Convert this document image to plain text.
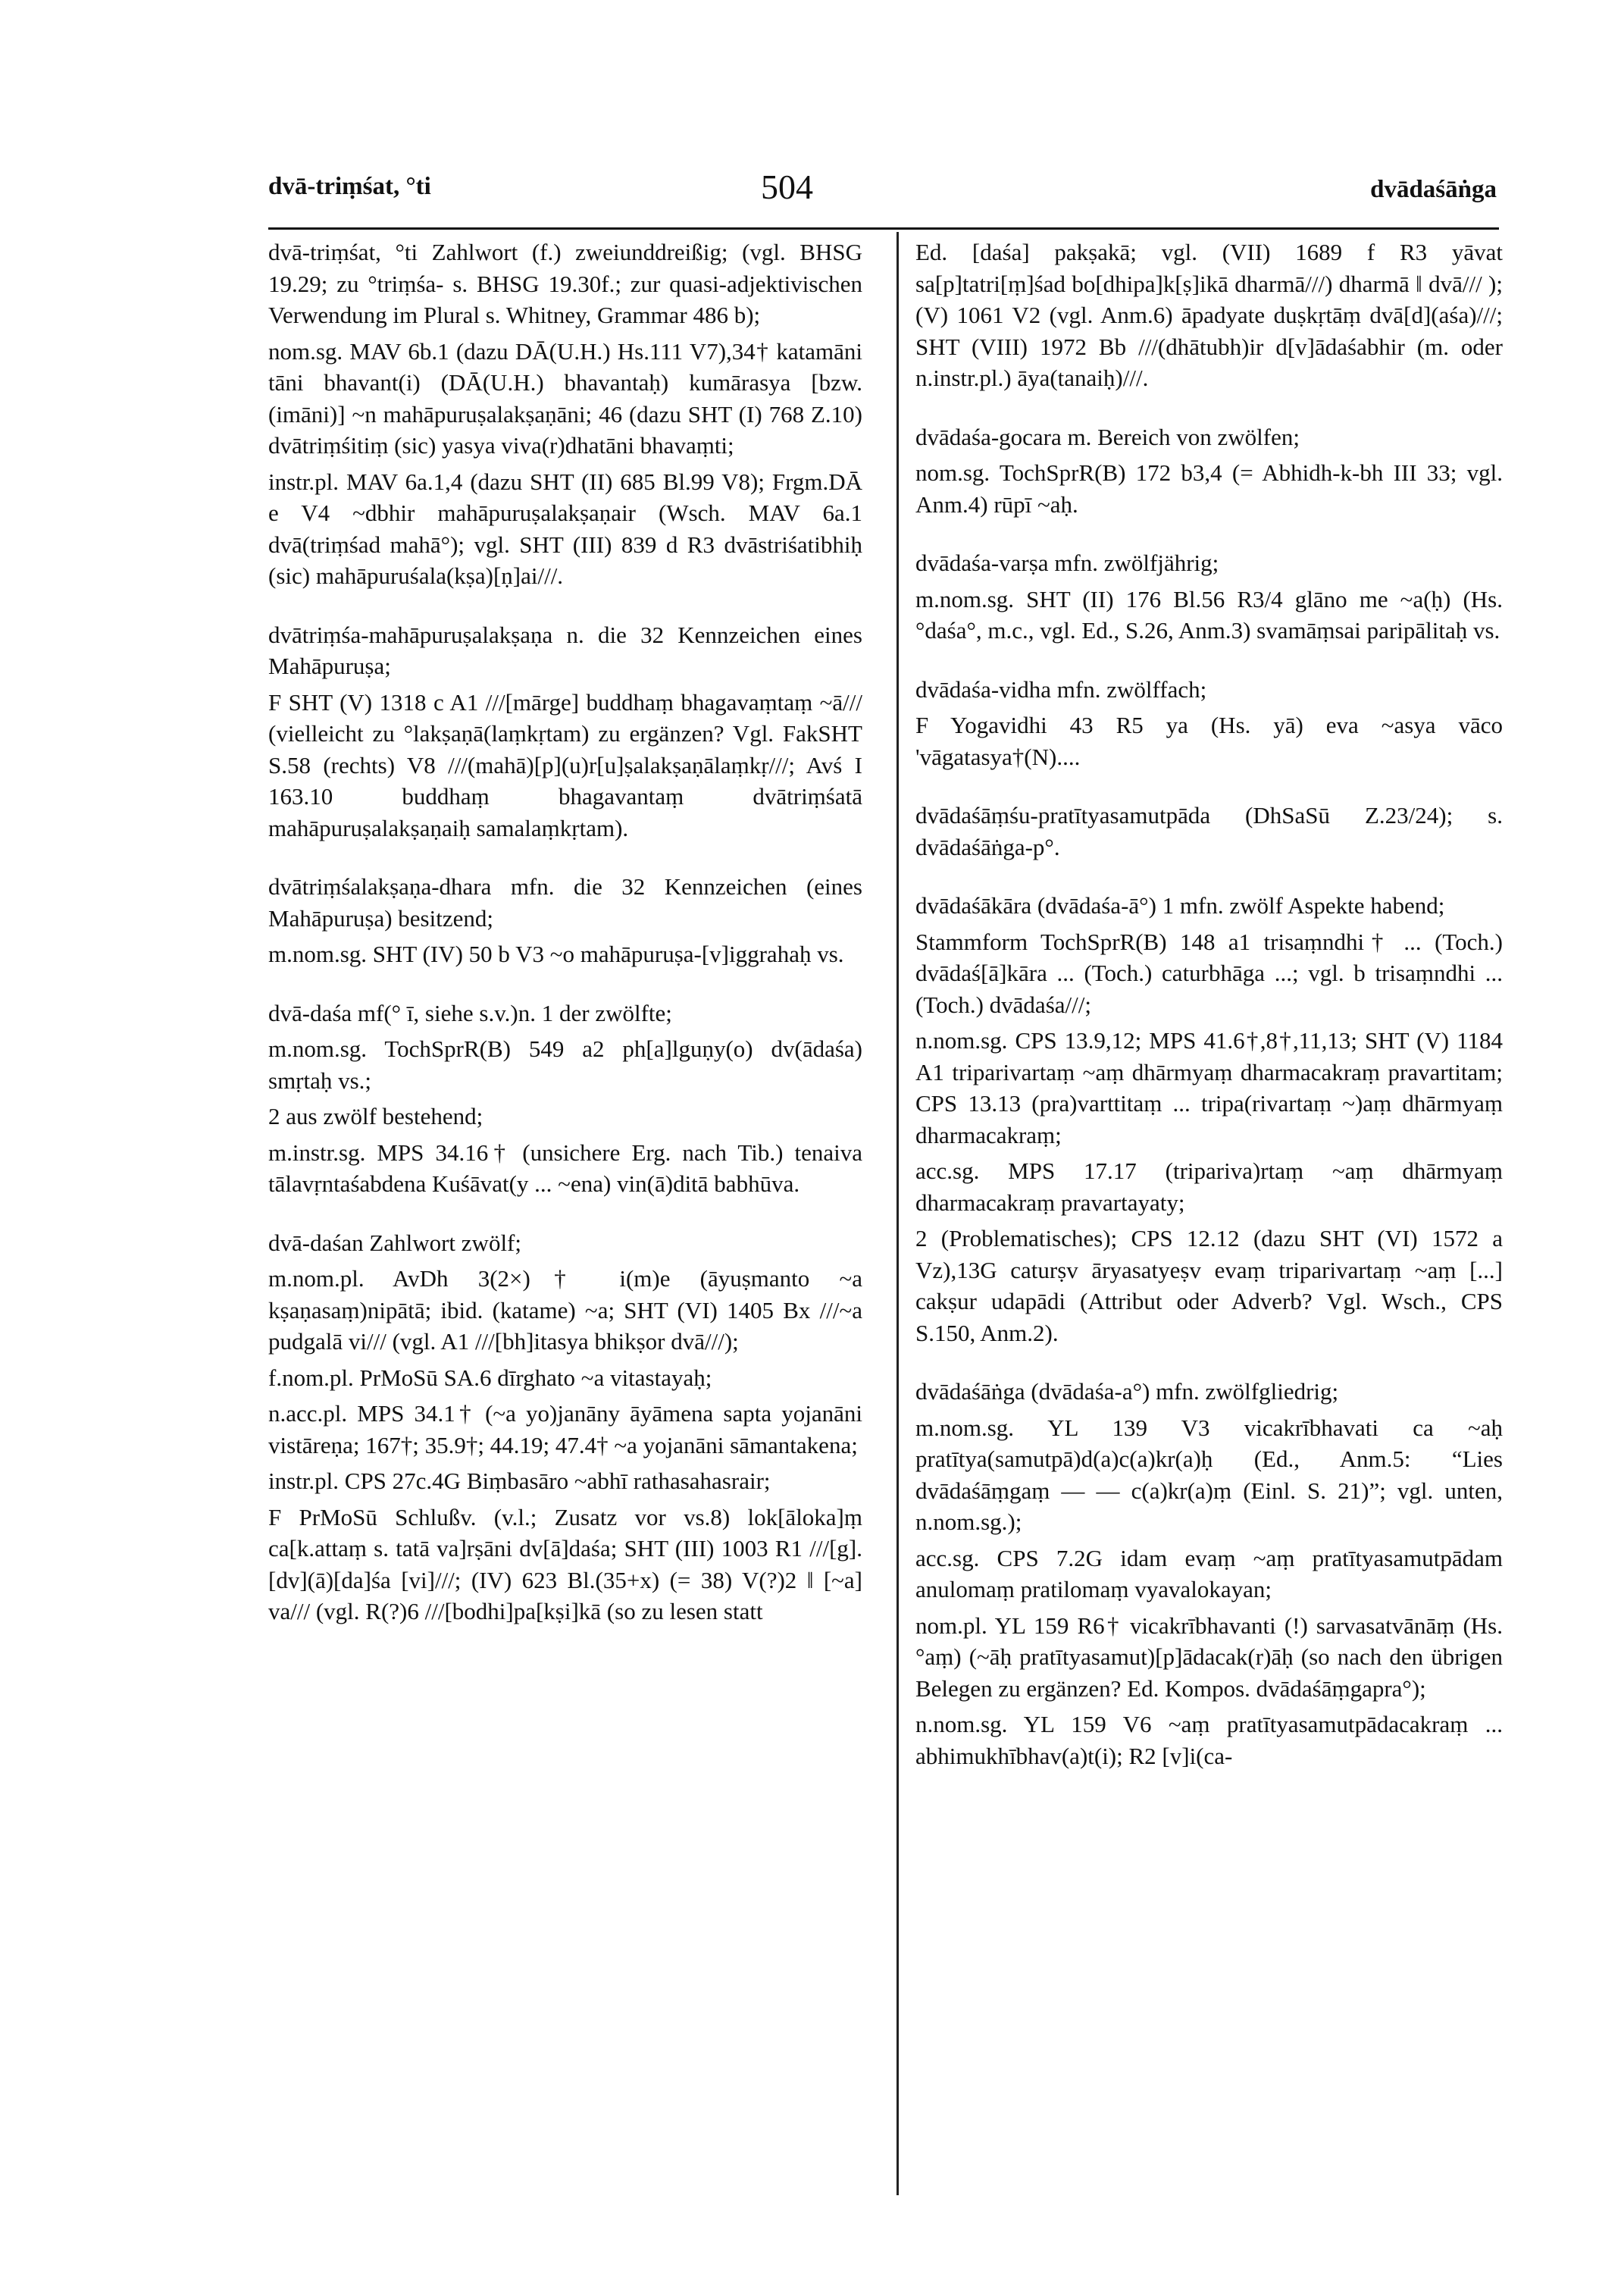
dvā-triṃśat, °ti	504	dvādaśāṅga

dvā-triṃśat, °ti Zahlwort (f.) zweiunddreißig; (vgl. BHSG 19.29; zu °triṃśa- s. BHSG 19.30f.; zur quasi-adjektivischen Verwendung im Plural s. Whitney, Grammar 486 b);

nom.sg. MAV 6b.1 (dazu DĀ(U.H.) Hs.111 V7),34† katamāni tāni bhavant(i) (DĀ(U.H.) bhavantaḥ) kumārasya [bzw. (imāni)] ~n mahāpuruṣalakṣaṇāni; 46 (dazu SHT (I) 768 Z.10) dvātriṃśitiṃ (sic) yasya viva(r)dhatāni bhavaṃti;

instr.pl. MAV 6a.1,4 (dazu SHT (II) 685 Bl.99 V8); Frgm.DĀ e V4 ~dbhir mahāpuruṣalakṣaṇair (Wsch. MAV 6a.1 dvā(triṃśad mahā°); vgl. SHT (III) 839 d R3 dvāstriśatibhiḥ (sic) mahāpuruśala(kṣa)[ṇ]ai///.

dvātriṃśa-mahāpuruṣalakṣaṇa n. die 32 Kennzeichen eines Mahāpuruṣa;

F SHT (V) 1318 c A1 ///[mārge] buddhaṃ bhagavaṃtaṃ ~ā/// (vielleicht zu °lakṣaṇā(laṃkṛtam) zu ergänzen? Vgl. FakSHT S.58 (rechts) V8 ///(mahā)[p](u)r[u]ṣalakṣaṇālaṃkṛ///; Avś I 163.10 buddhaṃ bhagavantaṃ dvātriṃśatā mahāpuruṣalakṣaṇaiḥ samalaṃkṛtam).

dvātriṃśalakṣaṇa-dhara mfn. die 32 Kennzeichen (eines Mahāpuruṣa) besitzend;

m.nom.sg. SHT (IV) 50 b V3 ~o mahāpuruṣa-[v]iggrahaḥ vs.

dvā-daśa mf(° ī, siehe s.v.)n. 1 der zwölfte;

m.nom.sg. TochSprR(B) 549 a2 ph[a]lguṇy(o) dv(ādaśa) smṛtaḥ vs.;

2 aus zwölf bestehend;

m.instr.sg. MPS 34.16† (unsichere Erg. nach Tib.) tenaiva tālavṛntaśabdena Kuśāvat(y ... ~ena) vin(ā)ditā babhūva.

dvā-daśan Zahlwort zwölf;

m.nom.pl. AvDh 3(2×)† i(m)e (āyuṣmanto ~a kṣaṇasaṃ)nipātā; ibid. (katame) ~a; SHT (VI) 1405 Bx ///~a pudgalā vi/// (vgl. A1 ///[bh]itasya bhikṣor dvā///);

f.nom.pl. PrMoSū SA.6 dīrghato ~a vitastayaḥ;

n.acc.pl. MPS 34.1† (~a yo)janāny āyāmena sapta yojanāni vistāreṇa; 167†; 35.9†; 44.19; 47.4† ~a yojanāni sāmantakena;

instr.pl. CPS 27c.4G Biṃbasāro ~abhī rathasahasrair;

F PrMoSū Schlußv. (v.l.; Zusatz vor vs.8) lok[āloka]ṃ ca[k.attaṃ s. tatā va]rṣāni dv[ā]daśa; SHT (III) 1003 R1 ///[g]. [dv](ā)[da]śa [vi]///; (IV) 623 Bl.(35+x) (= 38) V(?)2 ‖ [~a] va/// (vgl. R(?)6 ///[bodhi]pa[kṣi]kā (so zu lesen statt

Ed. [daśa] pakṣakā; vgl. (VII) 1689 f R3 yāvat sa[p]tatri[ṃ]śad bo[dhipa]k[ṣ]ikā dharmā///) dharmā ‖ dvā/// ); (V) 1061 V2 (vgl. Anm.6) āpadyate duṣkṛtāṃ dvā[d](aśa)///; SHT (VIII) 1972 Bb ///(dhātubh)ir d[v]ādaśabhir (m. oder n.instr.pl.) āya(tanaiḥ)///.

dvādaśa-gocara m. Bereich von zwölfen;

nom.sg. TochSprR(B) 172 b3,4 (= Abhidh-k-bh III 33; vgl. Anm.4) rūpī ~aḥ.

dvādaśa-varṣa mfn. zwölfjährig;

m.nom.sg. SHT (II) 176 Bl.56 R3/4 glāno me ~a(ḥ) (Hs. °daśa°, m.c., vgl. Ed., S.26, Anm.3) svamāṃsai paripālitaḥ vs.

dvādaśa-vidha mfn. zwölffach;

F Yogavidhi 43 R5 ya (Hs. yā) eva ~asya vāco 'vāgatasya†(N)....

dvādaśāṃśu-pratītyasamutpāda (DhSaSū Z.23/24); s. dvādaśāṅga-p°.

dvādaśākāra (dvādaśa-ā°) 1 mfn. zwölf Aspekte habend;

Stammform TochSprR(B) 148 a1 trisaṃndhi† ... (Toch.) dvādaś[ā]kāra ... (Toch.) caturbhāga ...; vgl. b trisaṃndhi ... (Toch.) dvādaśa///;

n.nom.sg. CPS 13.9,12; MPS 41.6†,8†,11,13; SHT (V) 1184 A1 triparivartaṃ ~aṃ dhārmyaṃ dharmacakraṃ pravartitam; CPS 13.13 (pra)varttitaṃ ... tripa(rivartaṃ ~)aṃ dhārmyaṃ dharmacakraṃ;

acc.sg. MPS 17.17 (tripariva)rtaṃ ~aṃ dhārmyaṃ dharmacakraṃ pravartayaty;

2 (Problematisches); CPS 12.12 (dazu SHT (VI) 1572 a Vz),13G caturṣv āryasatyeṣv evaṃ triparivartaṃ ~aṃ [...] cakṣur udapādi (Attribut oder Adverb? Vgl. Wsch., CPS S.150, Anm.2).

dvādaśāṅga (dvādaśa-a°) mfn. zwölfgliedrig;

m.nom.sg. YL 139 V3 vicakrībhavati ca ~aḥ pratītya(samutpā)d(a)c(a)kr(a)ḥ (Ed., Anm.5: “Lies dvādaśāṃgaṃ — — c(a)kr(a)ṃ (Einl. S. 21)”; vgl. unten, n.nom.sg.);

acc.sg. CPS 7.2G idam evaṃ ~aṃ pratītyasamutpādam anulomaṃ pratilomaṃ vyavalokayan;

nom.pl. YL 159 R6† vicakrībhavanti (!) sarvasatvānāṃ (Hs. °aṃ) (~āḥ pratītyasamut)[p]ādacak(r)āḥ (so nach den übrigen Belegen zu ergänzen? Ed. Kompos. dvādaśāṃgapra°);

n.nom.sg. YL 159 V6 ~aṃ pratītyasamutpādacakraṃ ... abhimukhībhav(a)t(i); R2 [v]i(ca-
